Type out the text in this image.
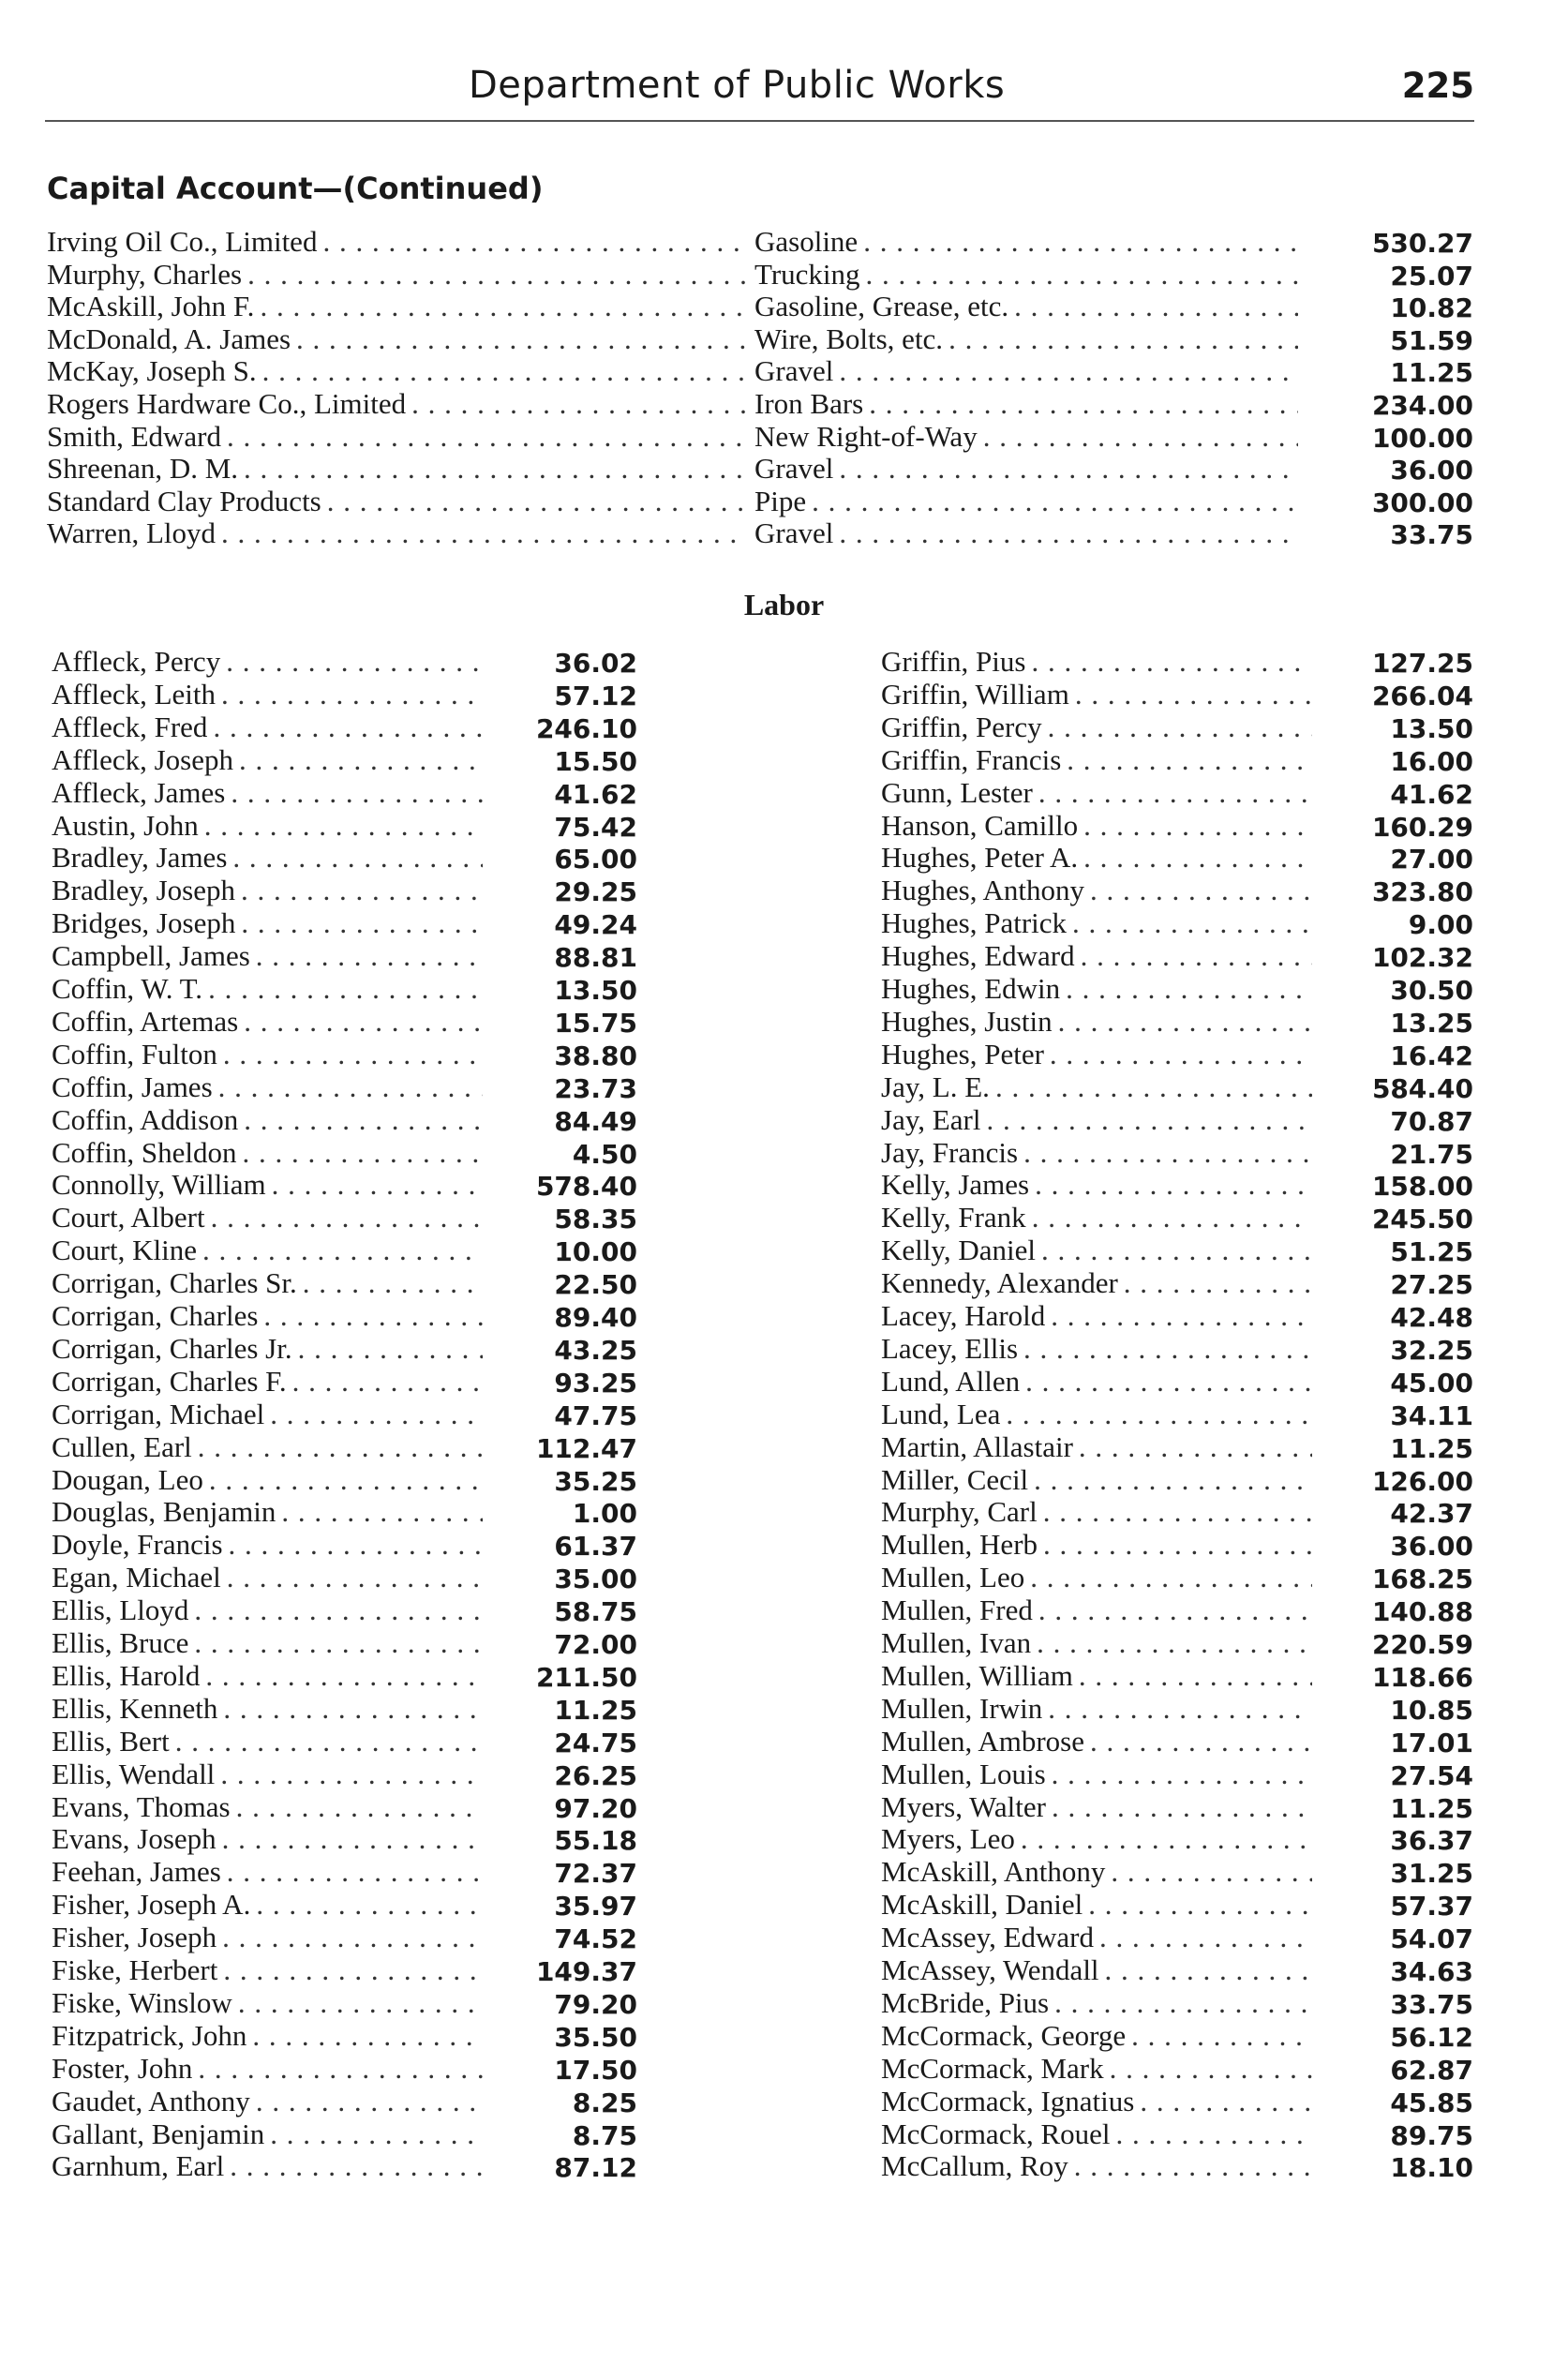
Department of Public Works	225
Capital Account—(Continued)
Irving Oil Co., Limited . . .	Gasoline . . .	530.27
Murphy, Charles . . .	Trucking . . .	25.07
McAskill, John F. . . .	Gasoline, Grease, etc. . . .	10.82
McDonald, A. James . . .	Wire, Bolts, etc. . . .	51.59
McKay, Joseph S. . . .	Gravel . . .	11.25
Rogers Hardware Co., Limited . . .	Iron Bars . . .	234.00
Smith, Edward . . .	New Right-of-Way . . .	100.00
Shreenan, D. M. . . .	Gravel . . .	36.00
Standard Clay Products . . .	Pipe . . .	300.00
Warren, Lloyd . . .	Gravel . . .	33.75
Labor
Affleck, Percy . . .	36.02
Affleck, Leith . . .	57.12
Affleck, Fred . . .	246.10
Affleck, Joseph . . .	15.50
Affleck, James . . .	41.62
Austin, John . . .	75.42
Bradley, James . . .	65.00
Bradley, Joseph . . .	29.25
Bridges, Joseph . . .	49.24
Campbell, James . . .	88.81
Coffin, W. T. . . .	13.50
Coffin, Artemas . . .	15.75
Coffin, Fulton . . .	38.80
Coffin, James . . .	23.73
Coffin, Addison . . .	84.49
Coffin, Sheldon . . .	4.50
Connolly, William . . .	578.40
Court, Albert . . .	58.35
Court, Kline . . .	10.00
Corrigan, Charles Sr. . . .	22.50
Corrigan, Charles . . .	89.40
Corrigan, Charles Jr. . . .	43.25
Corrigan, Charles F. . . .	93.25
Corrigan, Michael . . .	47.75
Cullen, Earl . . .	112.47
Dougan, Leo . . .	35.25
Douglas, Benjamin . . .	1.00
Doyle, Francis . . .	61.37
Egan, Michael . . .	35.00
Ellis, Lloyd . . .	58.75
Ellis, Bruce . . .	72.00
Ellis, Harold . . .	211.50
Ellis, Kenneth . . .	11.25
Ellis, Bert . . .	24.75
Ellis, Wendall . . .	26.25
Evans, Thomas . . .	97.20
Evans, Joseph . . .	55.18
Feehan, James . . .	72.37
Fisher, Joseph A. . . .	35.97
Fisher, Joseph . . .	74.52
Fiske, Herbert . . .	149.37
Fiske, Winslow . . .	79.20
Fitzpatrick, John . . .	35.50
Foster, John . . .	17.50
Gaudet, Anthony . . .	8.25
Gallant, Benjamin . . .	8.75
Garnhum, Earl . . .	87.12
Griffin, Pius . . .	127.25
Griffin, William . . .	266.04
Griffin, Percy . . .	13.50
Griffin, Francis . . .	16.00
Gunn, Lester . . .	41.62
Hanson, Camillo . . .	160.29
Hughes, Peter A. . . .	27.00
Hughes, Anthony . . .	323.80
Hughes, Patrick . . .	9.00
Hughes, Edward . . .	102.32
Hughes, Edwin . . .	30.50
Hughes, Justin . . .	13.25
Hughes, Peter . . .	16.42
Jay, L. E. . . .	584.40
Jay, Earl . . .	70.87
Jay, Francis . . .	21.75
Kelly, James . . .	158.00
Kelly, Frank . . .	245.50
Kelly, Daniel . . .	51.25
Kennedy, Alexander . . .	27.25
Lacey, Harold . . .	42.48
Lacey, Ellis . . .	32.25
Lund, Allen . . .	45.00
Lund, Lea . . .	34.11
Martin, Allastair . . .	11.25
Miller, Cecil . . .	126.00
Murphy, Carl . . .	42.37
Mullen, Herb . . .	36.00
Mullen, Leo . . .	168.25
Mullen, Fred . . .	140.88
Mullen, Ivan . . .	220.59
Mullen, William . . .	118.66
Mullen, Irwin . . .	10.85
Mullen, Ambrose . . .	17.01
Mullen, Louis . . .	27.54
Myers, Walter . . .	11.25
Myers, Leo . . .	36.37
McAskill, Anthony . . .	31.25
McAskill, Daniel . . .	57.37
McAssey, Edward . . .	54.07
McAssey, Wendall . . .	34.63
McBride, Pius . . .	33.75
McCormack, George . . .	56.12
McCormack, Mark . . .	62.87
McCormack, Ignatius . . .	45.85
McCormack, Rouel . . .	89.75
McCallum, Roy . . .	18.10
